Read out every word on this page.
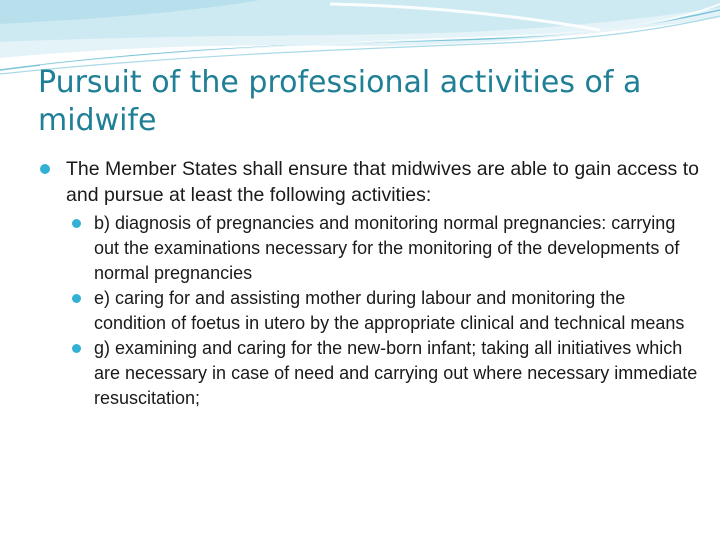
Pursuit of the professional activities of a midwife
The Member States shall ensure that midwives are able to gain access to and pursue at least the following activities:
b) diagnosis of pregnancies and monitoring normal pregnancies: carrying out the examinations necessary for the monitoring of the developments of normal pregnancies
e) caring for and assisting mother during labour and monitoring the condition of foetus in utero by the appropriate clinical and technical means
g) examining and caring for the new-born infant; taking all initiatives which are necessary in case of need and carrying out where necessary immediate resuscitation;
